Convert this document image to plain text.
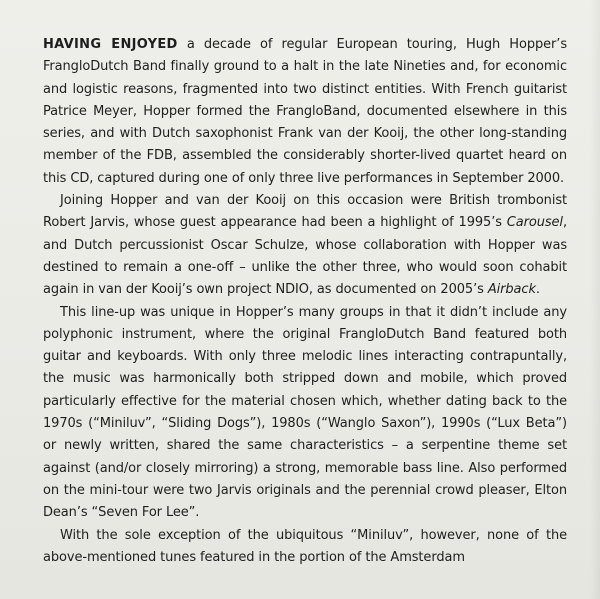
HAVING ENJOYED a decade of regular European touring, Hugh Hopper’s FrangloDutch Band finally ground to a halt in the late Nineties and, for economic and logistic reasons, fragmented into two distinct entities. With French guitarist Patrice Meyer, Hopper formed the FrangloBand, documented elsewhere in this series, and with Dutch saxophonist Frank van der Kooij, the other long-standing member of the FDB, assembled the considerably shorter-lived quartet heard on this CD, captured during one of only three live performances in September 2000.

Joining Hopper and van der Kooij on this occasion were British trombonist Robert Jarvis, whose guest appearance had been a highlight of 1995’s Carousel, and Dutch percussionist Oscar Schulze, whose collaboration with Hopper was destined to remain a one-off – unlike the other three, who would soon cohabit again in van der Kooij’s own project NDIO, as documented on 2005’s Airback.

This line-up was unique in Hopper’s many groups in that it didn’t include any polyphonic instrument, where the original FrangloDutch Band featured both guitar and keyboards. With only three melodic lines interacting contrapuntally, the music was harmonically both stripped down and mobile, which proved particularly effective for the material chosen which, whether dating back to the 1970s (“Miniluv”, “Sliding Dogs”), 1980s (“Wanglo Saxon”), 1990s (“Lux Beta”) or newly written, shared the same characteristics – a serpentine theme set against (and/or closely mirroring) a strong, memorable bass line. Also performed on the mini-tour were two Jarvis originals and the perennial crowd pleaser, Elton Dean’s “Seven For Lee”.

With the sole exception of the ubiquitous “Miniluv”, however, none of the above-mentioned tunes featured in the portion of the Amsterdam
